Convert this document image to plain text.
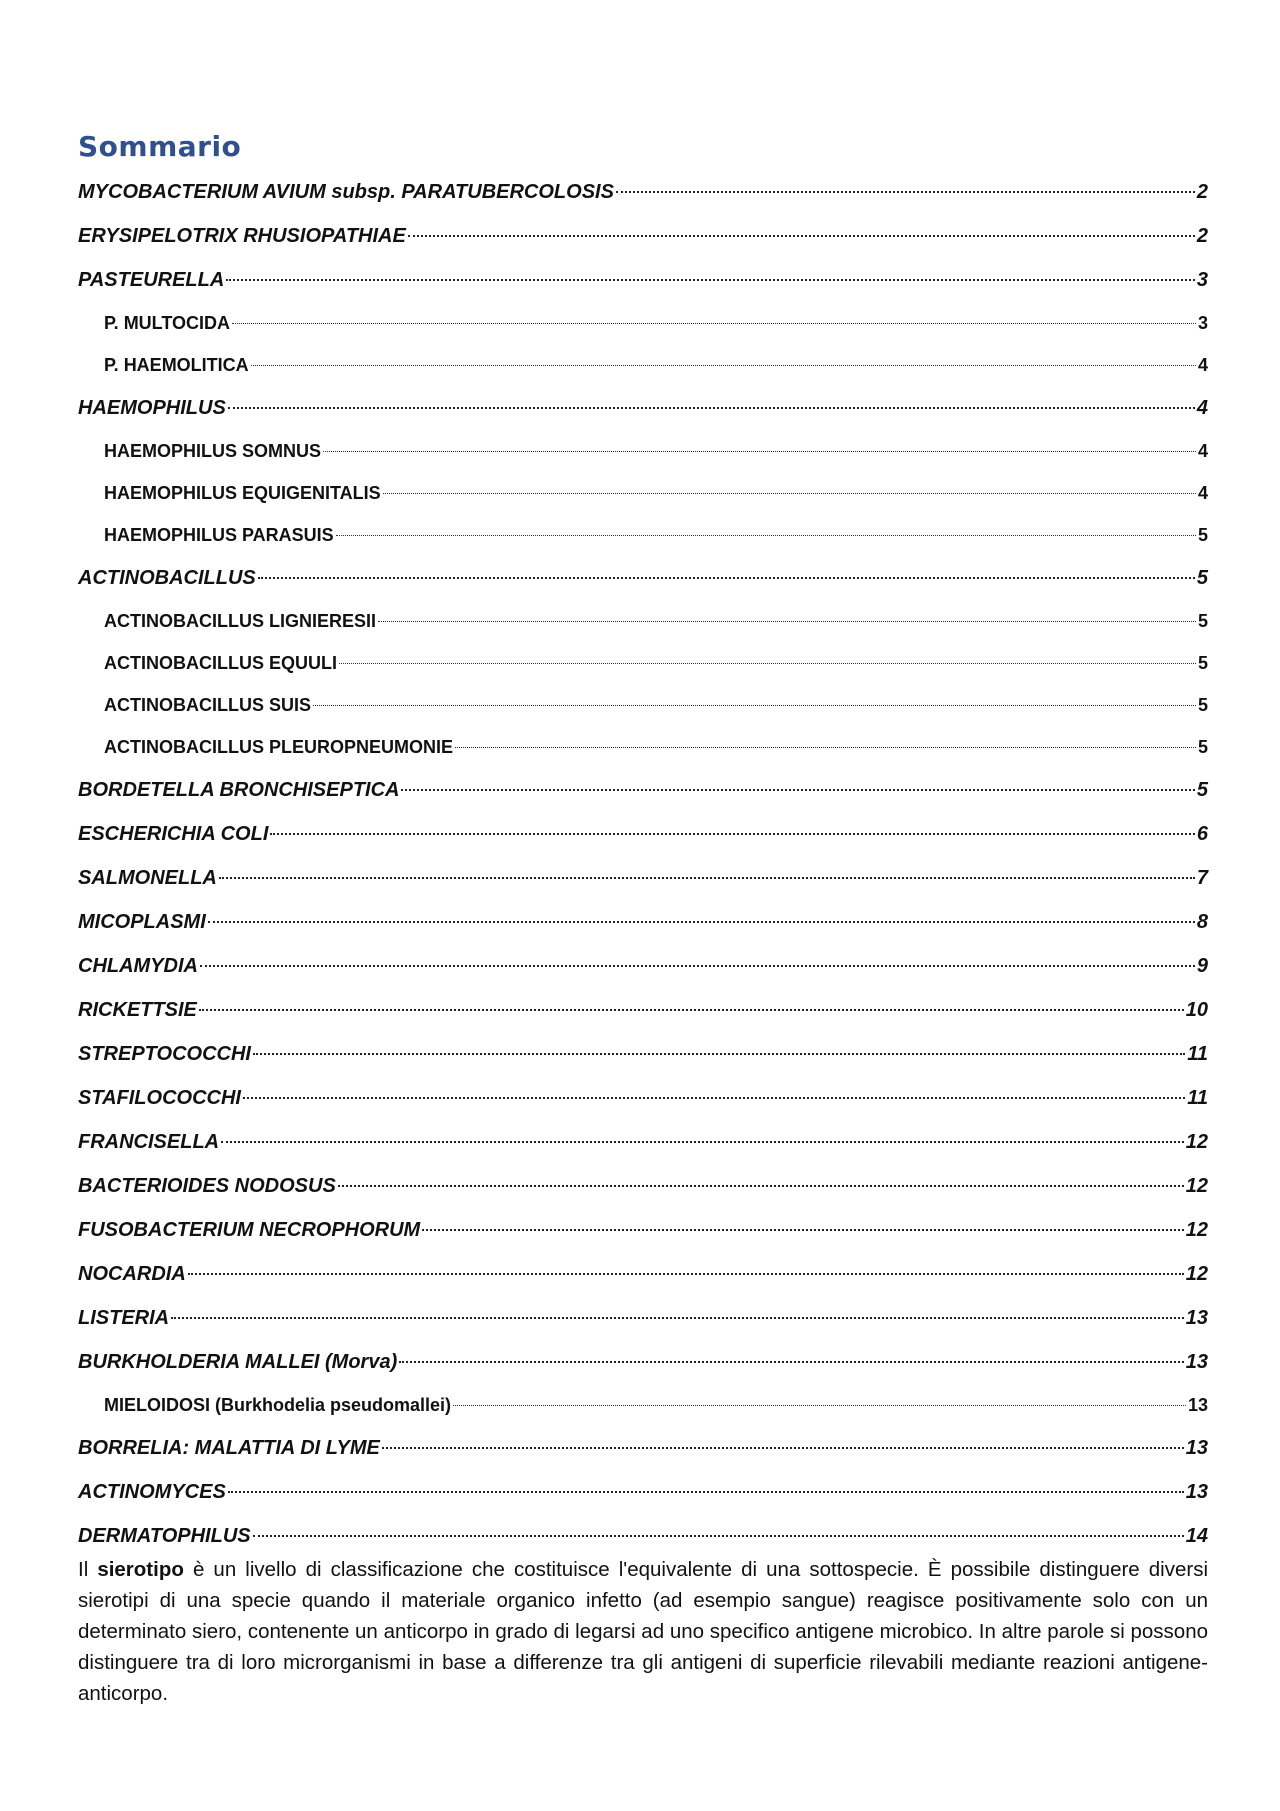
Sommario
MYCOBACTERIUM AVIUM subsp. PARATUBERCOLOSIS	2
ERYSIPELOTRIX RHUSIOPATHIAE	2
PASTEURELLA	3
P. MULTOCIDA	3
P. HAEMOLITICA	4
HAEMOPHILUS	4
HAEMOPHILUS SOMNUS	4
HAEMOPHILUS EQUIGENITALIS	4
HAEMOPHILUS PARASUIS	5
ACTINOBACILLUS	5
ACTINOBACILLUS LIGNIERESII	5
ACTINOBACILLUS EQUULI	5
ACTINOBACILLUS SUIS	5
ACTINOBACILLUS PLEUROPNEUMONIE	5
BORDETELLA BRONCHISEPTICA	5
ESCHERICHIA COLI	6
SALMONELLA	7
MICOPLASMI	8
CHLAMYDIA	9
RICKETTSIE	10
STREPTOCOCCHI	11
STAFILOCOCCHI	11
FRANCISELLA	12
BACTERIOIDES NODOSUS	12
FUSOBACTERIUM NECROPHORUM	12
NOCARDIA	12
LISTERIA	13
BURKHOLDERIA MALLEI (Morva)	13
MIELOIDOSI (Burkhodelia pseudomallei)	13
BORRELIA: MALATTIA DI LYME	13
ACTINOMYCES	13
DERMATOPHILUS	14

Il sierotipo è un livello di classificazione che costituisce l'equivalente di una sottospecie. È possibile distinguere diversi sierotipi di una specie quando il materiale organico infetto (ad esempio sangue) reagisce positivamente solo con un determinato siero, contenente un anticorpo in grado di legarsi ad uno specifico antigene microbico. In altre parole si possono distinguere tra di loro microrganismi in base a differenze tra gli antigeni di superficie rilevabili mediante reazioni antigene-anticorpo.
